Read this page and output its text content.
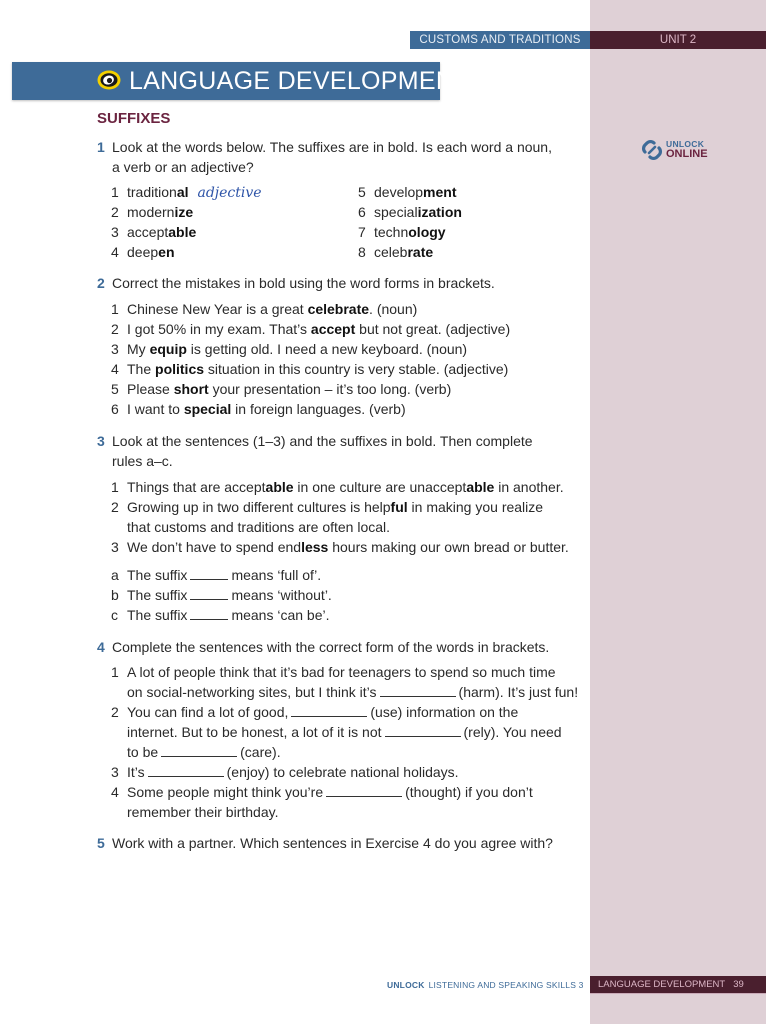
CUSTOMS AND TRADITIONS	UNIT 2
LANGUAGE DEVELOPMENT
SUFFIXES
UNLOCK
ONLINE
1 Look at the words below. The suffixes are in bold. Is each word a noun,
a verb or an adjective?
1 traditional adjective
2 modernize
3 acceptable
4 deepen
5 development
6 specialization
7 technology
8 celebrate
2 Correct the mistakes in bold using the word forms in brackets.
1 Chinese New Year is a great celebrate. (noun)
2 I got 50% in my exam. That’s accept but not great. (adjective)
3 My equip is getting old. I need a new keyboard. (noun)
4 The politics situation in this country is very stable. (adjective)
5 Please short your presentation – it’s too long. (verb)
6 I want to special in foreign languages. (verb)
3 Look at the sentences (1–3) and the suffixes in bold. Then complete
rules a–c.
1 Things that are acceptable in one culture are unacceptable in another.
2 Growing up in two different cultures is helpful in making you realize
that customs and traditions are often local.
3 We don’t have to spend endless hours making our own bread or butter.
a The suffix	means ‘full of’.
b The suffix	means ‘without’.
c The suffix	means ‘can be’.
4 Complete the sentences with the correct form of the words in brackets.
1 A lot of people think that it’s bad for teenagers to spend so much time
on social-networking sites, but I think it’s	(harm). It’s just fun!
2 You can find a lot of good,	(use) information on the
internet. But to be honest, a lot of it is not	(rely). You need
to be	(care).
3 It’s	(enjoy) to celebrate national holidays.
4 Some people might think you’re	(thought) if you don’t
remember their birthday.
5 Work with a partner. Which sentences in Exercise 4 do you agree with?
UNLOCK LISTENING AND SPEAKING SKILLS 3	LANGUAGE DEVELOPMENT 39
